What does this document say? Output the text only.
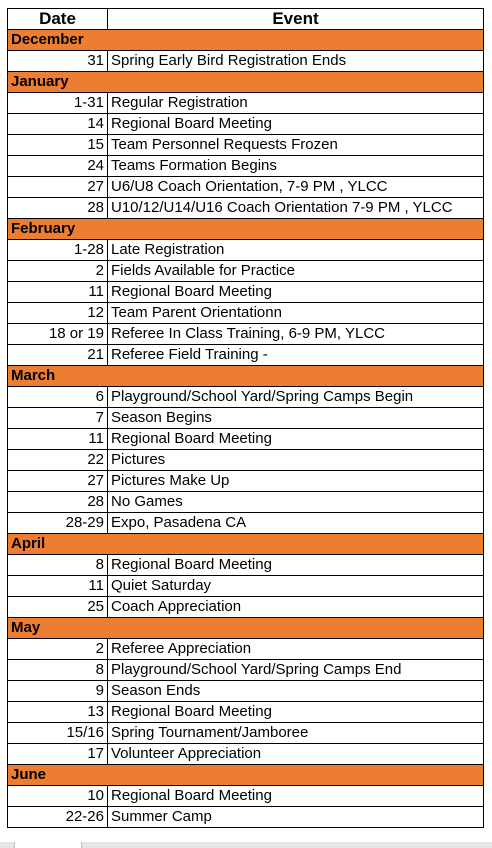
Date	Event
December	
31	Spring Early Bird Registration Ends
January	
1-31	Regular Registration
14	Regional Board Meeting
15	Team Personnel Requests Frozen
24	Teams Formation Begins
27	U6/U8 Coach Orientation, 7-9 PM , YLCC
28	U10/12/U14/U16 Coach Orientation 7-9 PM , YLCC
February	
1-28	Late Registration
2	Fields Available for Practice
11	Regional Board Meeting
12	Team Parent Orientationn
18 or 19	Referee In Class Training, 6-9 PM, YLCC
21	Referee Field Training -
March	
6	Playground/School Yard/Spring Camps Begin
7	Season Begins
11	Regional Board Meeting
22	Pictures
27	Pictures Make Up
28	No Games
28-29	Expo, Pasadena CA
April	
8	Regional Board Meeting
11	Quiet Saturday
25	Coach Appreciation
May	
2	Referee Appreciation
8	Playground/School Yard/Spring Camps End
9	Season Ends
13	Regional Board Meeting
15/16	Spring Tournament/Jamboree
17	Volunteer Appreciation
June	
10	Regional Board Meeting
22-26	Summer Camp
